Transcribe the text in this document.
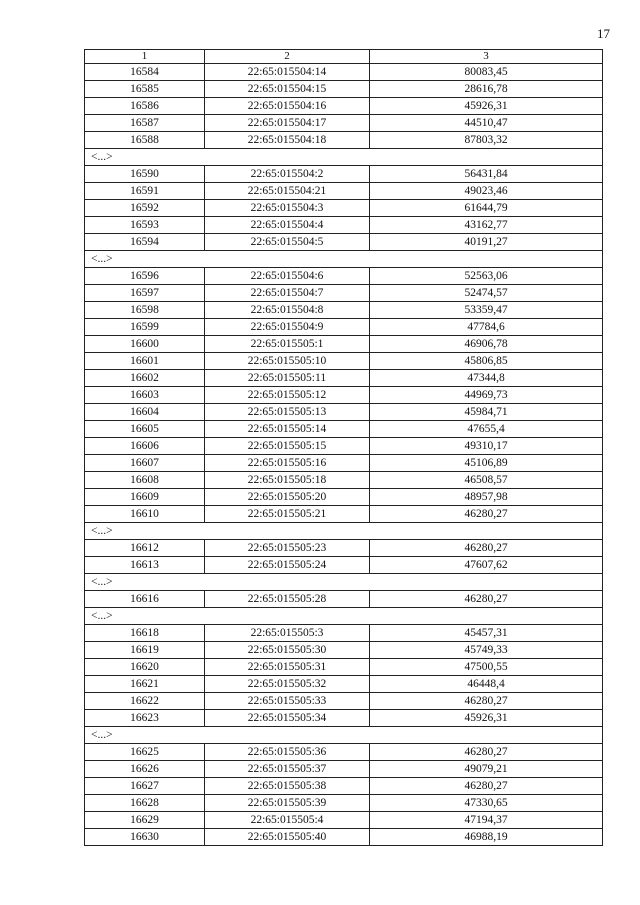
17
1	2	3
16584	22:65:015504:14	80083,45
16585	22:65:015504:15	28616,78
16586	22:65:015504:16	45926,31
16587	22:65:015504:17	44510,47
16588	22:65:015504:18	87803,32
<...>		
16590	22:65:015504:2	56431,84
16591	22:65:015504:21	49023,46
16592	22:65:015504:3	61644,79
16593	22:65:015504:4	43162,77
16594	22:65:015504:5	40191,27
<...>		
16596	22:65:015504:6	52563,06
16597	22:65:015504:7	52474,57
16598	22:65:015504:8	53359,47
16599	22:65:015504:9	47784,6
16600	22:65:015505:1	46906,78
16601	22:65:015505:10	45806,85
16602	22:65:015505:11	47344,8
16603	22:65:015505:12	44969,73
16604	22:65:015505:13	45984,71
16605	22:65:015505:14	47655,4
16606	22:65:015505:15	49310,17
16607	22:65:015505:16	45106,89
16608	22:65:015505:18	46508,57
16609	22:65:015505:20	48957,98
16610	22:65:015505:21	46280,27
<...>		
16612	22:65:015505:23	46280,27
16613	22:65:015505:24	47607,62
<...>		
16616	22:65:015505:28	46280,27
<...>		
16618	22:65:015505:3	45457,31
16619	22:65:015505:30	45749,33
16620	22:65:015505:31	47500,55
16621	22:65:015505:32	46448,4
16622	22:65:015505:33	46280,27
16623	22:65:015505:34	45926,31
<...>		
16625	22:65:015505:36	46280,27
16626	22:65:015505:37	49079,21
16627	22:65:015505:38	46280,27
16628	22:65:015505:39	47330,65
16629	22:65:015505:4	47194,37
16630	22:65:015505:40	46988,19
